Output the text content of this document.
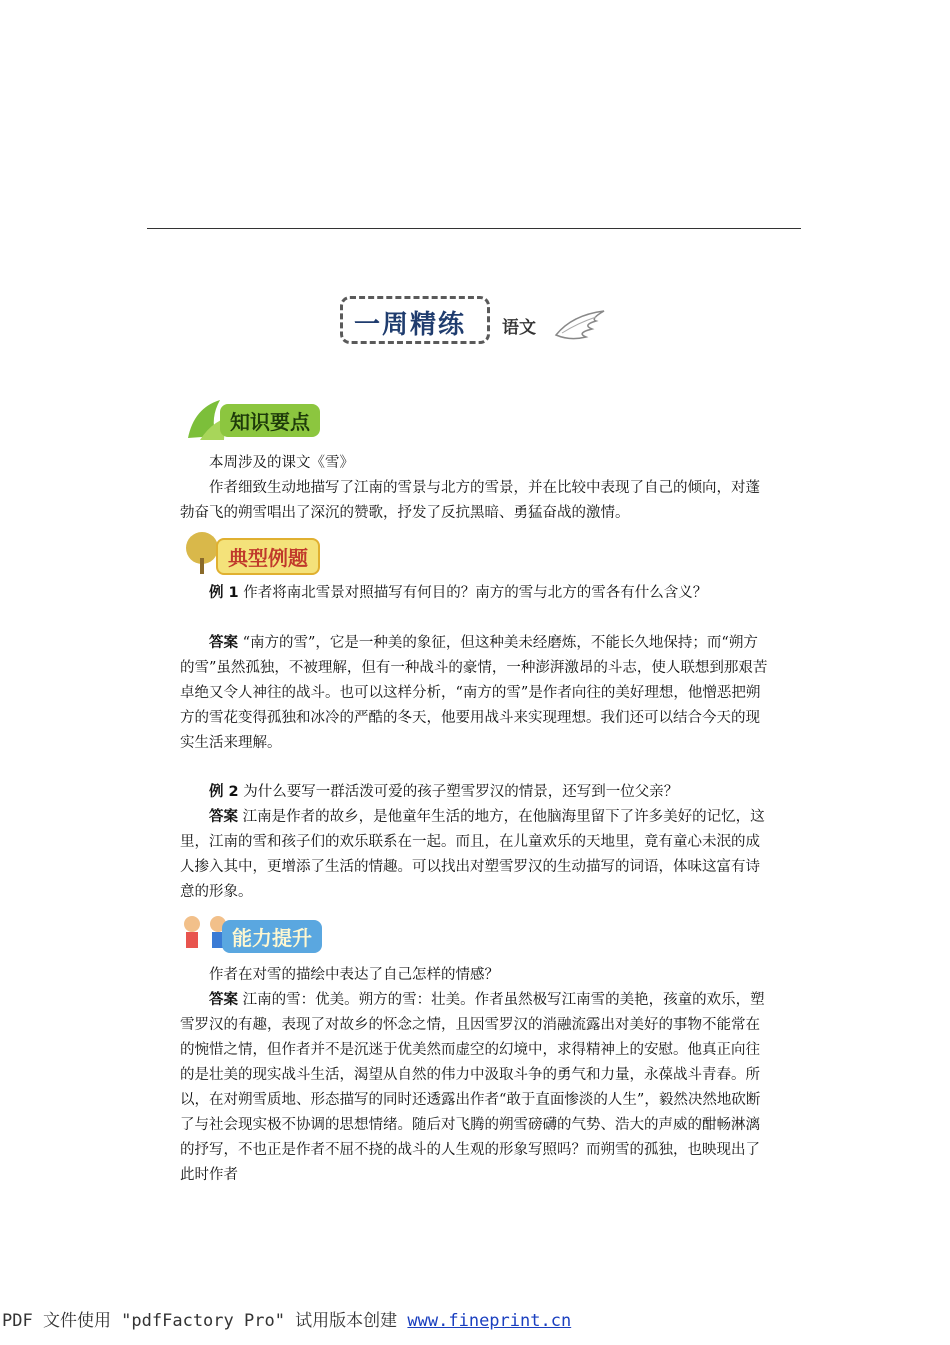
一周精练 语文
知识要点

本周涉及的课文《雪》

作者细致生动地描写了江南的雪景与北方的雪景，并在比较中表现了自己的倾向，对蓬勃奋飞的朔雪唱出了深沉的赞歌，抒发了反抗黑暗、勇猛奋战的激情。

典型例题

例 1 作者将南北雪景对照描写有何目的？南方的雪与北方的雪各有什么含义？

答案 “南方的雪”，它是一种美的象征，但这种美未经磨炼，不能长久地保持；而“朔方的雪”虽然孤独，不被理解，但有一种战斗的豪情，一种澎湃激昂的斗志，使人联想到那艰苦卓绝又令人神往的战斗。也可以这样分析，“南方的雪”是作者向往的美好理想，他憎恶把朔方的雪花变得孤独和冰冷的严酷的冬天，他要用战斗来实现理想。我们还可以结合今天的现实生活来理解。

例 2 为什么要写一群活泼可爱的孩子塑雪罗汉的情景，还写到一位父亲？

答案 江南是作者的故乡，是他童年生活的地方，在他脑海里留下了许多美好的记忆，这里，江南的雪和孩子们的欢乐联系在一起。而且，在儿童欢乐的天地里，竟有童心未泯的成人掺入其中，更增添了生活的情趣。可以找出对塑雪罗汉的生动描写的词语，体味这富有诗意的形象。

能力提升

作者在对雪的描绘中表达了自己怎样的情感？

答案 江南的雪：优美。朔方的雪：壮美。作者虽然极写江南雪的美艳，孩童的欢乐，塑雪罗汉的有趣，表现了对故乡的怀念之情，且因雪罗汉的消融流露出对美好的事物不能常在的惋惜之情，但作者并不是沉迷于优美然而虚空的幻境中，求得精神上的安慰。他真正向往的是壮美的现实战斗生活，渴望从自然的伟力中汲取斗争的勇气和力量，永葆战斗青春。所以，在对朔雪质地、形态描写的同时还透露出作者“敢于直面惨淡的人生”，毅然决然地砍断了与社会现实极不协调的思想情绪。随后对飞腾的朔雪磅礴的气势、浩大的声威的酣畅淋漓的抒写，不也正是作者不屈不挠的战斗的人生观的形象写照吗？而朔雪的孤独，也映现出了此时作者

PDF 文件使用 "pdfFactory Pro" 试用版本创建 www.fineprint.cn
